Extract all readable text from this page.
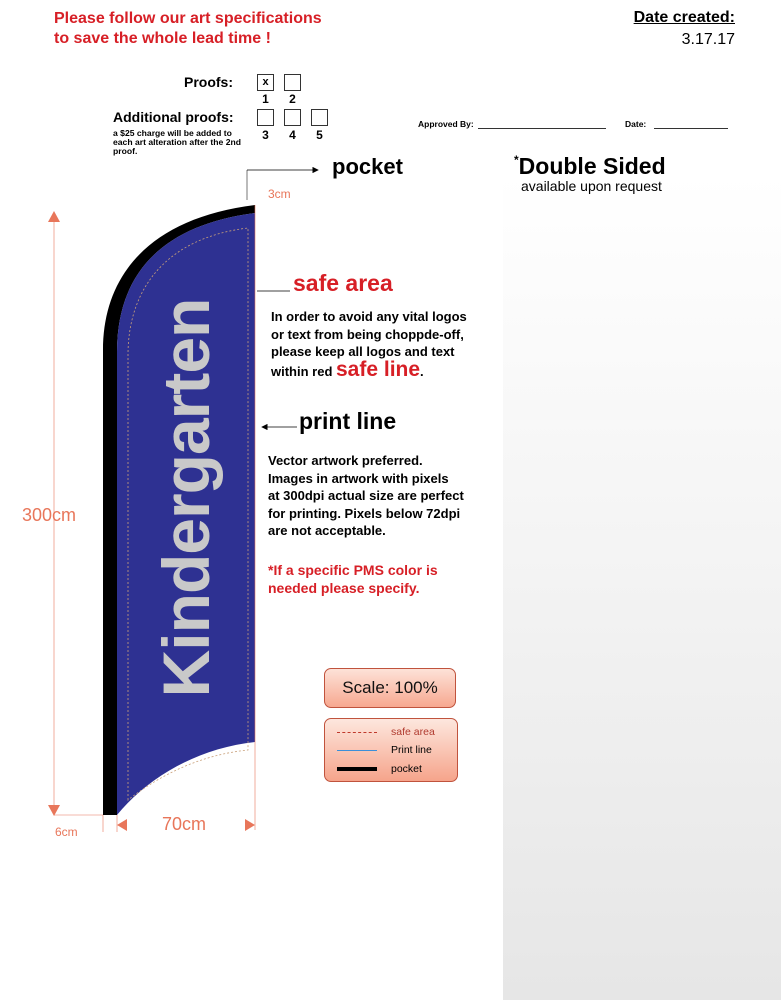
Please follow our art specifications
to save the whole lead time !
Date created:
3.17.17
Proofs:	x
1	2
Additional proofs:
a $25 charge will be added to each art alteration after the 2nd proof.
3	4	5
Approved By:	Date:
Kindergarten
3cm
300cm
70cm
6cm
pocket	*Double Sided
available upon request
safe area
In order to avoid any vital logos
or text from being choppde-off,
please keep all logos and text
within red safe line.
print line
Vector artwork preferred.
Images in artwork with pixels
at 300dpi actual size are perfect
for printing. Pixels below 72dpi
are not acceptable.
*If a specific PMS color is
needed please specify.
Scale: 100%
safe area
Print line
pocket
